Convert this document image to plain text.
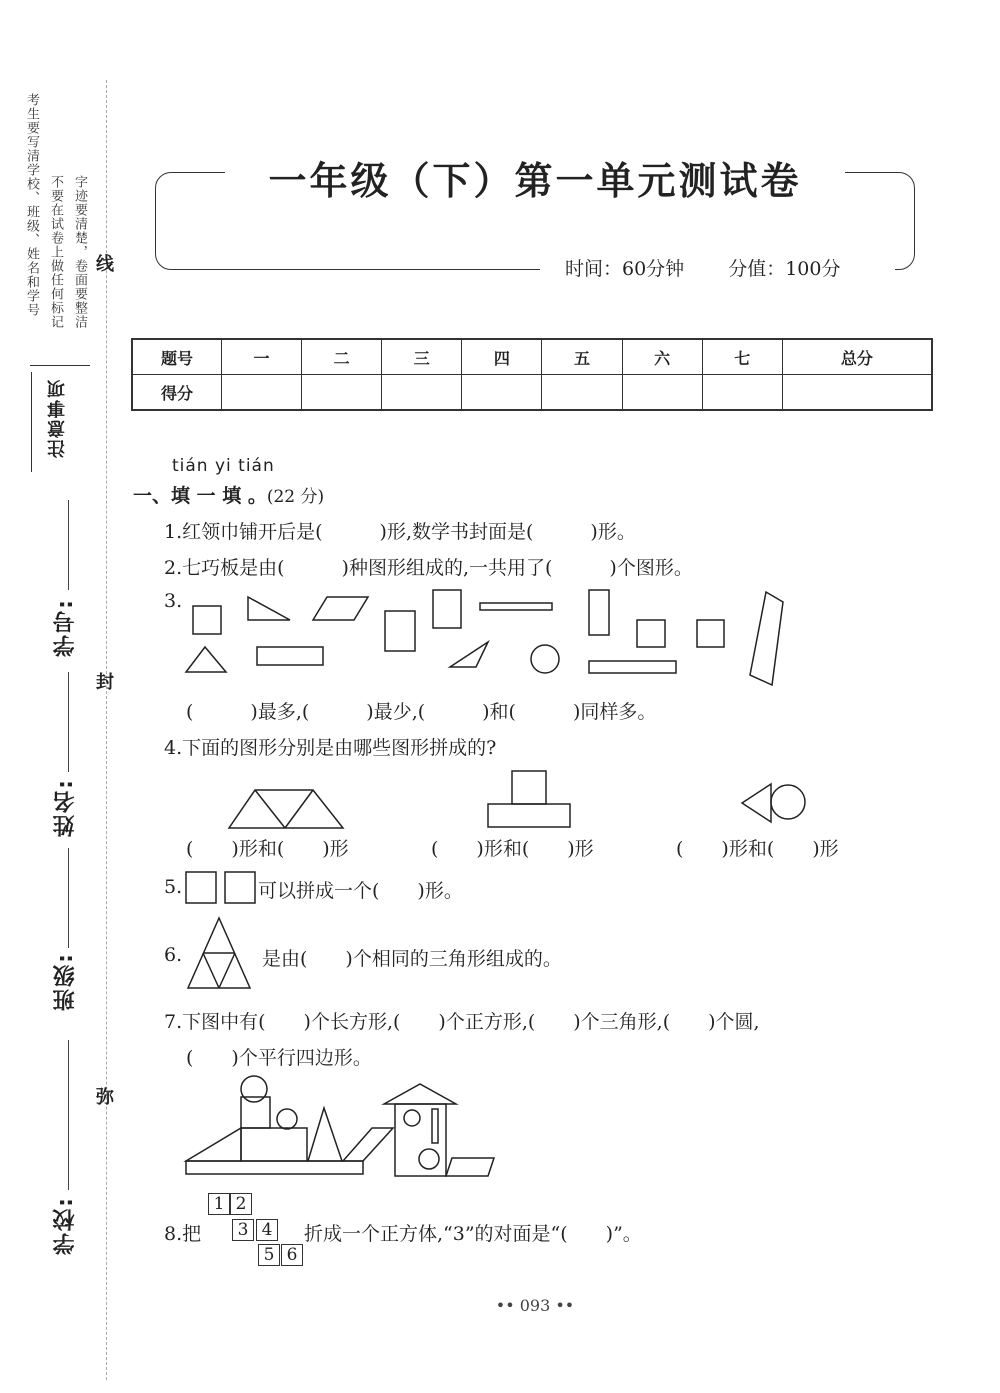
考生要写清学校、班级、姓名和学号 不要在试卷上做任何标记 字迹要清楚，卷面要整洁
注意事项
学号:
姓名:
班级:
学校:
线
封
弥
一年级（下）第一单元测试卷
时间：60分钟 分值：100分
题号	一	二	三	四	五	六	七	总分
得分								
tián yi tián
一、填 一 填 。(22 分)
1.红领巾铺开后是(　　　)形,数学书封面是(　　　)形。
2.七巧板是由(　　　)种图形组成的,一共用了(　　　)个图形。
3.
(　　　)最多,(　　　)最少,(　　　)和(　　　)同样多。
4.下面的图形分别是由哪些图形拼成的?
(　　)形和(　　)形	(　　)形和(　　)形	(　　)形和(　　)形
5.	可以拼成一个(　　)形。
6.	是由(　　)个相同的三角形组成的。
7.下图中有(　　)个长方形,(　　)个正方形,(　　)个三角形,(　　)个圆,
(　　)个平行四边形。
8.把
1 2
3 4
5 6
折成一个正方体,“3”的对面是“(　　)”。
•• 093 ••
